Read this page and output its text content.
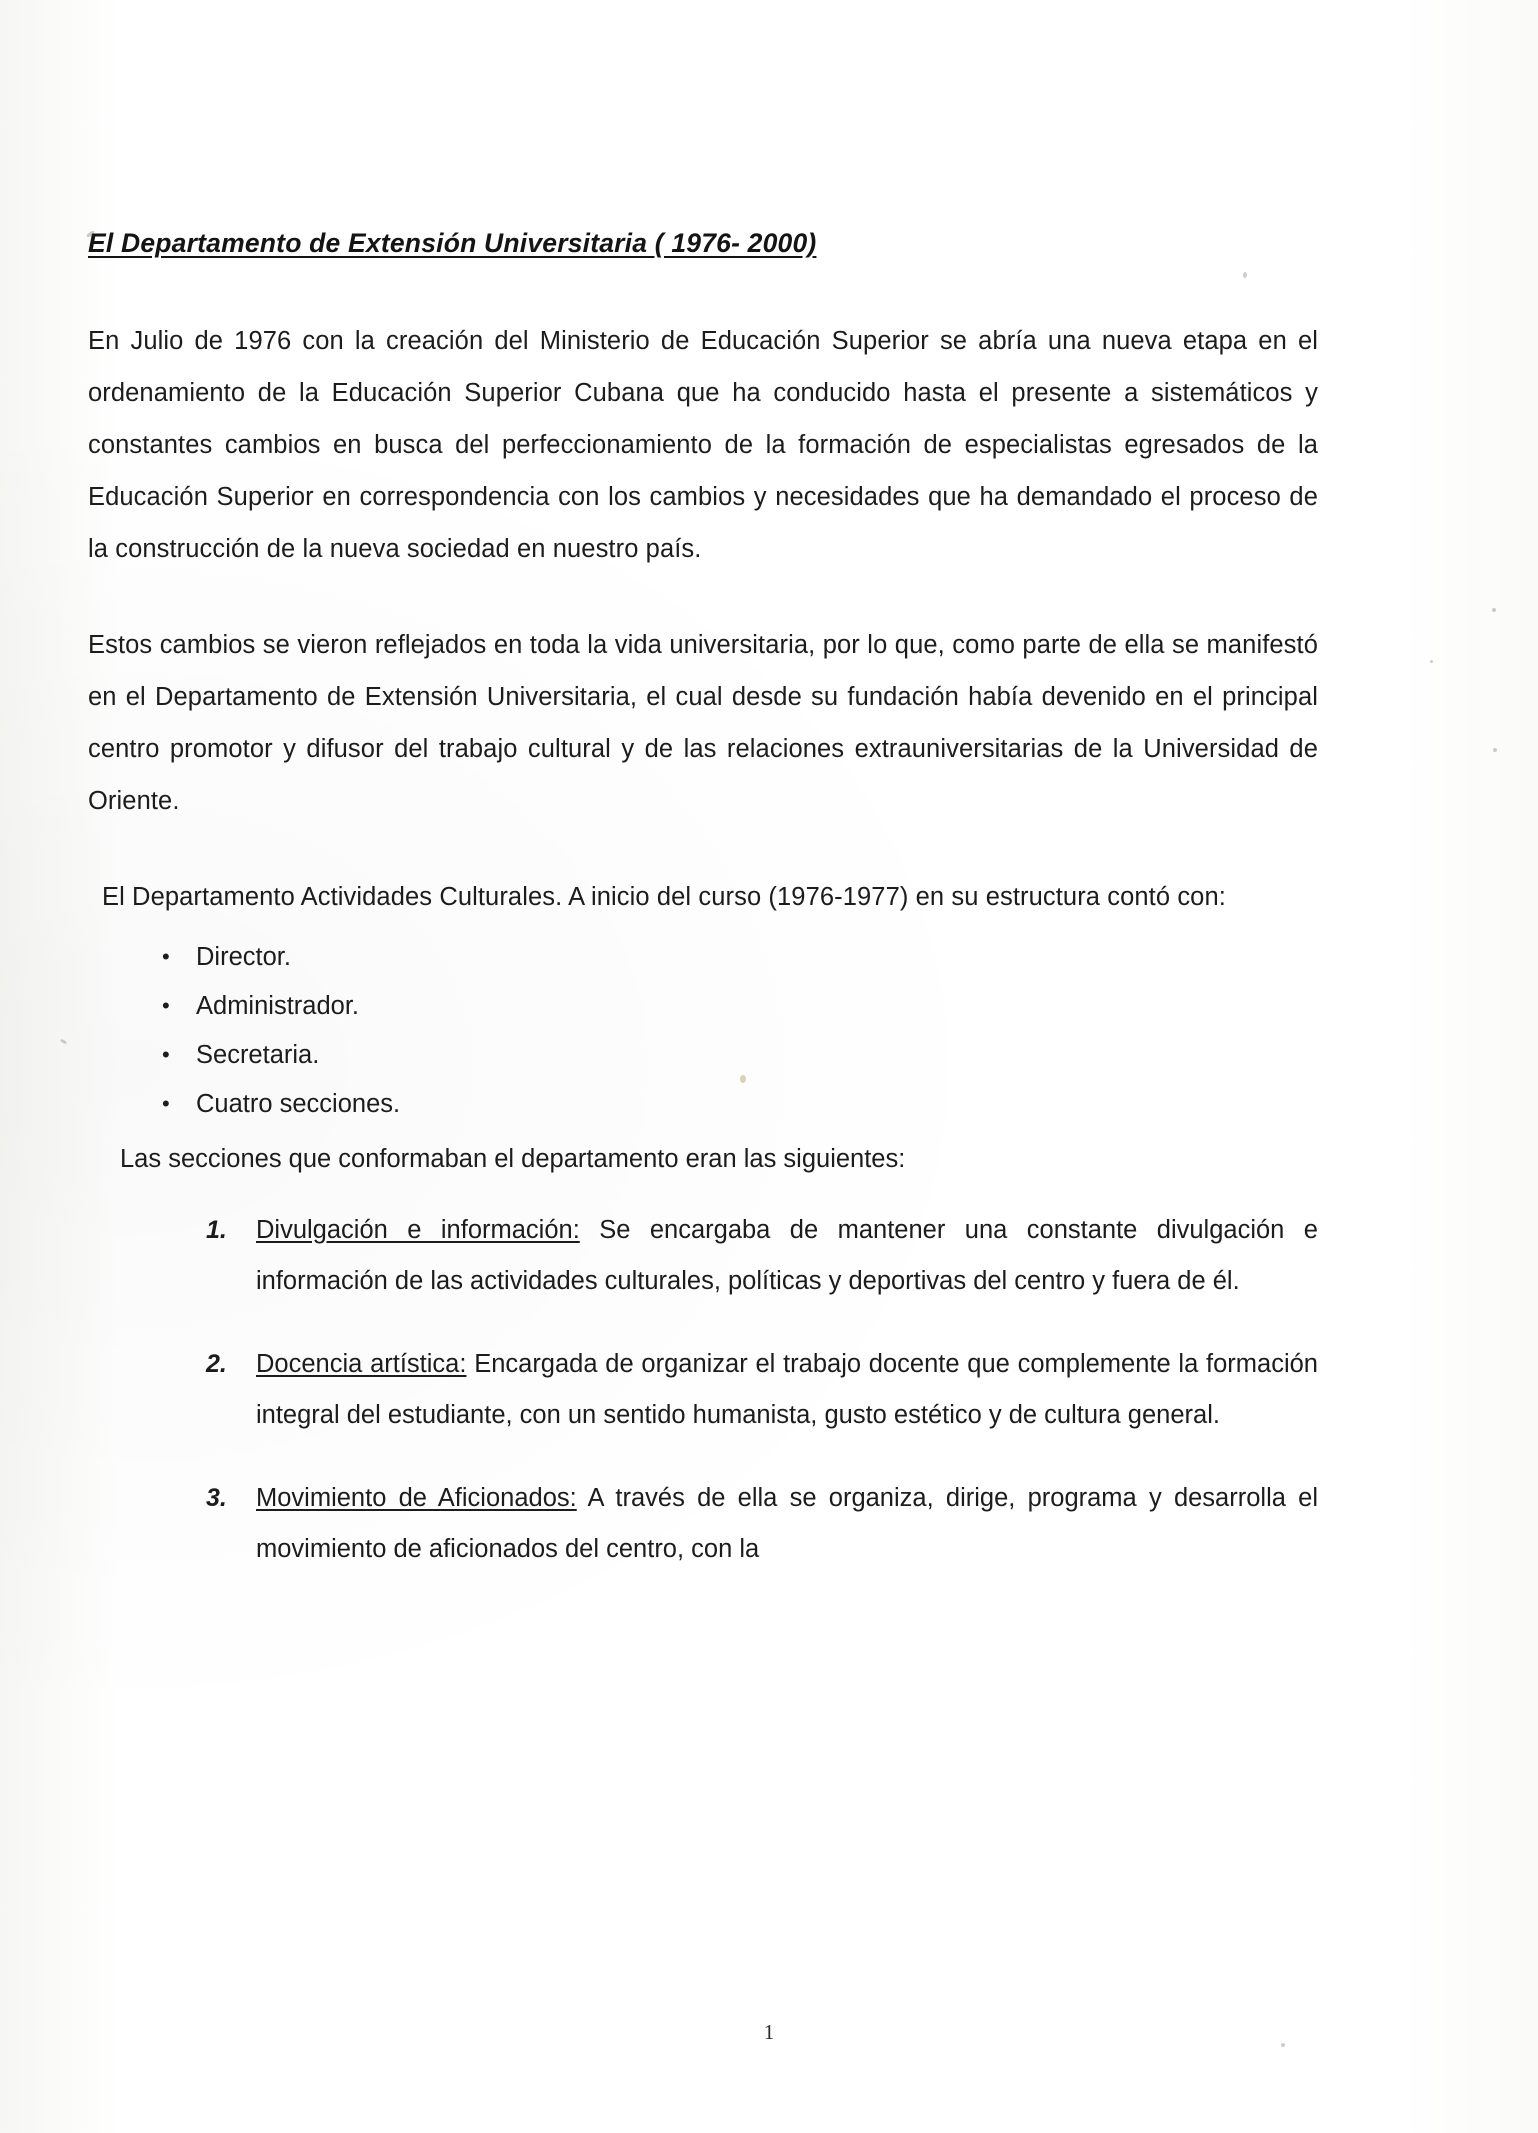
El Departamento de Extensión Universitaria ( 1976- 2000)

En Julio de 1976 con la creación del Ministerio de Educación Superior se abría una nueva etapa en el ordenamiento de la Educación Superior Cubana que ha conducido hasta el presente a sistemáticos y constantes cambios en busca del perfeccionamiento de la formación de especialistas egresados de la Educación Superior en correspondencia con los cambios y necesidades que ha demandado el proceso de la construcción de la nueva sociedad en nuestro país.

Estos cambios se vieron reflejados en toda la vida universitaria, por lo que, como parte de ella se manifestó en el Departamento de Extensión Universitaria, el cual desde su fundación había devenido en el principal centro promotor y difusor del trabajo cultural y de las relaciones extrauniversitarias de la Universidad de Oriente.

El Departamento Actividades Culturales. A inicio del curso (1976-1977) en su estructura contó con:

• Director.
• Administrador.
• Secretaria.
• Cuatro secciones.

Las secciones que conformaban el departamento eran las siguientes:

Divulgación e información: Se encargaba de mantener una constante divulgación e información de las actividades culturales, políticas y deportivas del centro y fuera de él.
Docencia artística: Encargada de organizar el trabajo docente que complemente la formación integral del estudiante, con un sentido humanista, gusto estético y de cultura general.
Movimiento de Aficionados: A través de ella se organiza, dirige, programa y desarrolla el movimiento de aficionados del centro, con la
1
